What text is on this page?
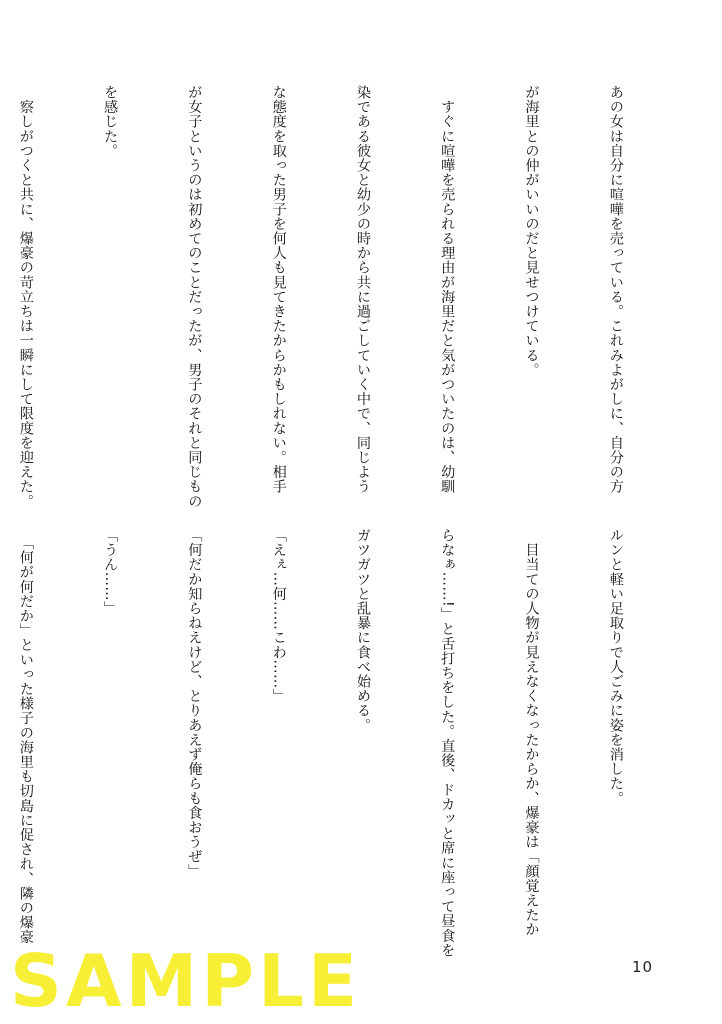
あの女は自分に喧嘩を売っている。これみよがしに、自分の方

が海里との仲がいいのだと見せつけている。

　すぐに喧嘩を売られる理由が海里だと気がついたのは、幼馴

染である彼女と幼少の時から共に過ごしていく中で、同じよう

な態度を取った男子を何人も見てきたからかもしれない。相手

が女子というのは初めてのことだったが、男子のそれと同じもの

を感じた。

　察しがつくと共に、爆豪の苛立ちは一瞬にして限度を迎えた。

ルンと軽い足取りで人ごみに姿を消した。

　目当ての人物が見えなくなったからか、爆豪は「顔覚えたか

らなぁ……!」と舌打ちをした。直後、ドカッと席に座って昼食を

ガツガツと乱暴に食べ始める。

「えぇ…何……こわ……」

「何だか知らねえけど、とりあえず俺らも食おうぜ」

「うん……」

　「何が何だか」といった様子の海里も切島に促され、隣の爆豪

10
SAMPLE
